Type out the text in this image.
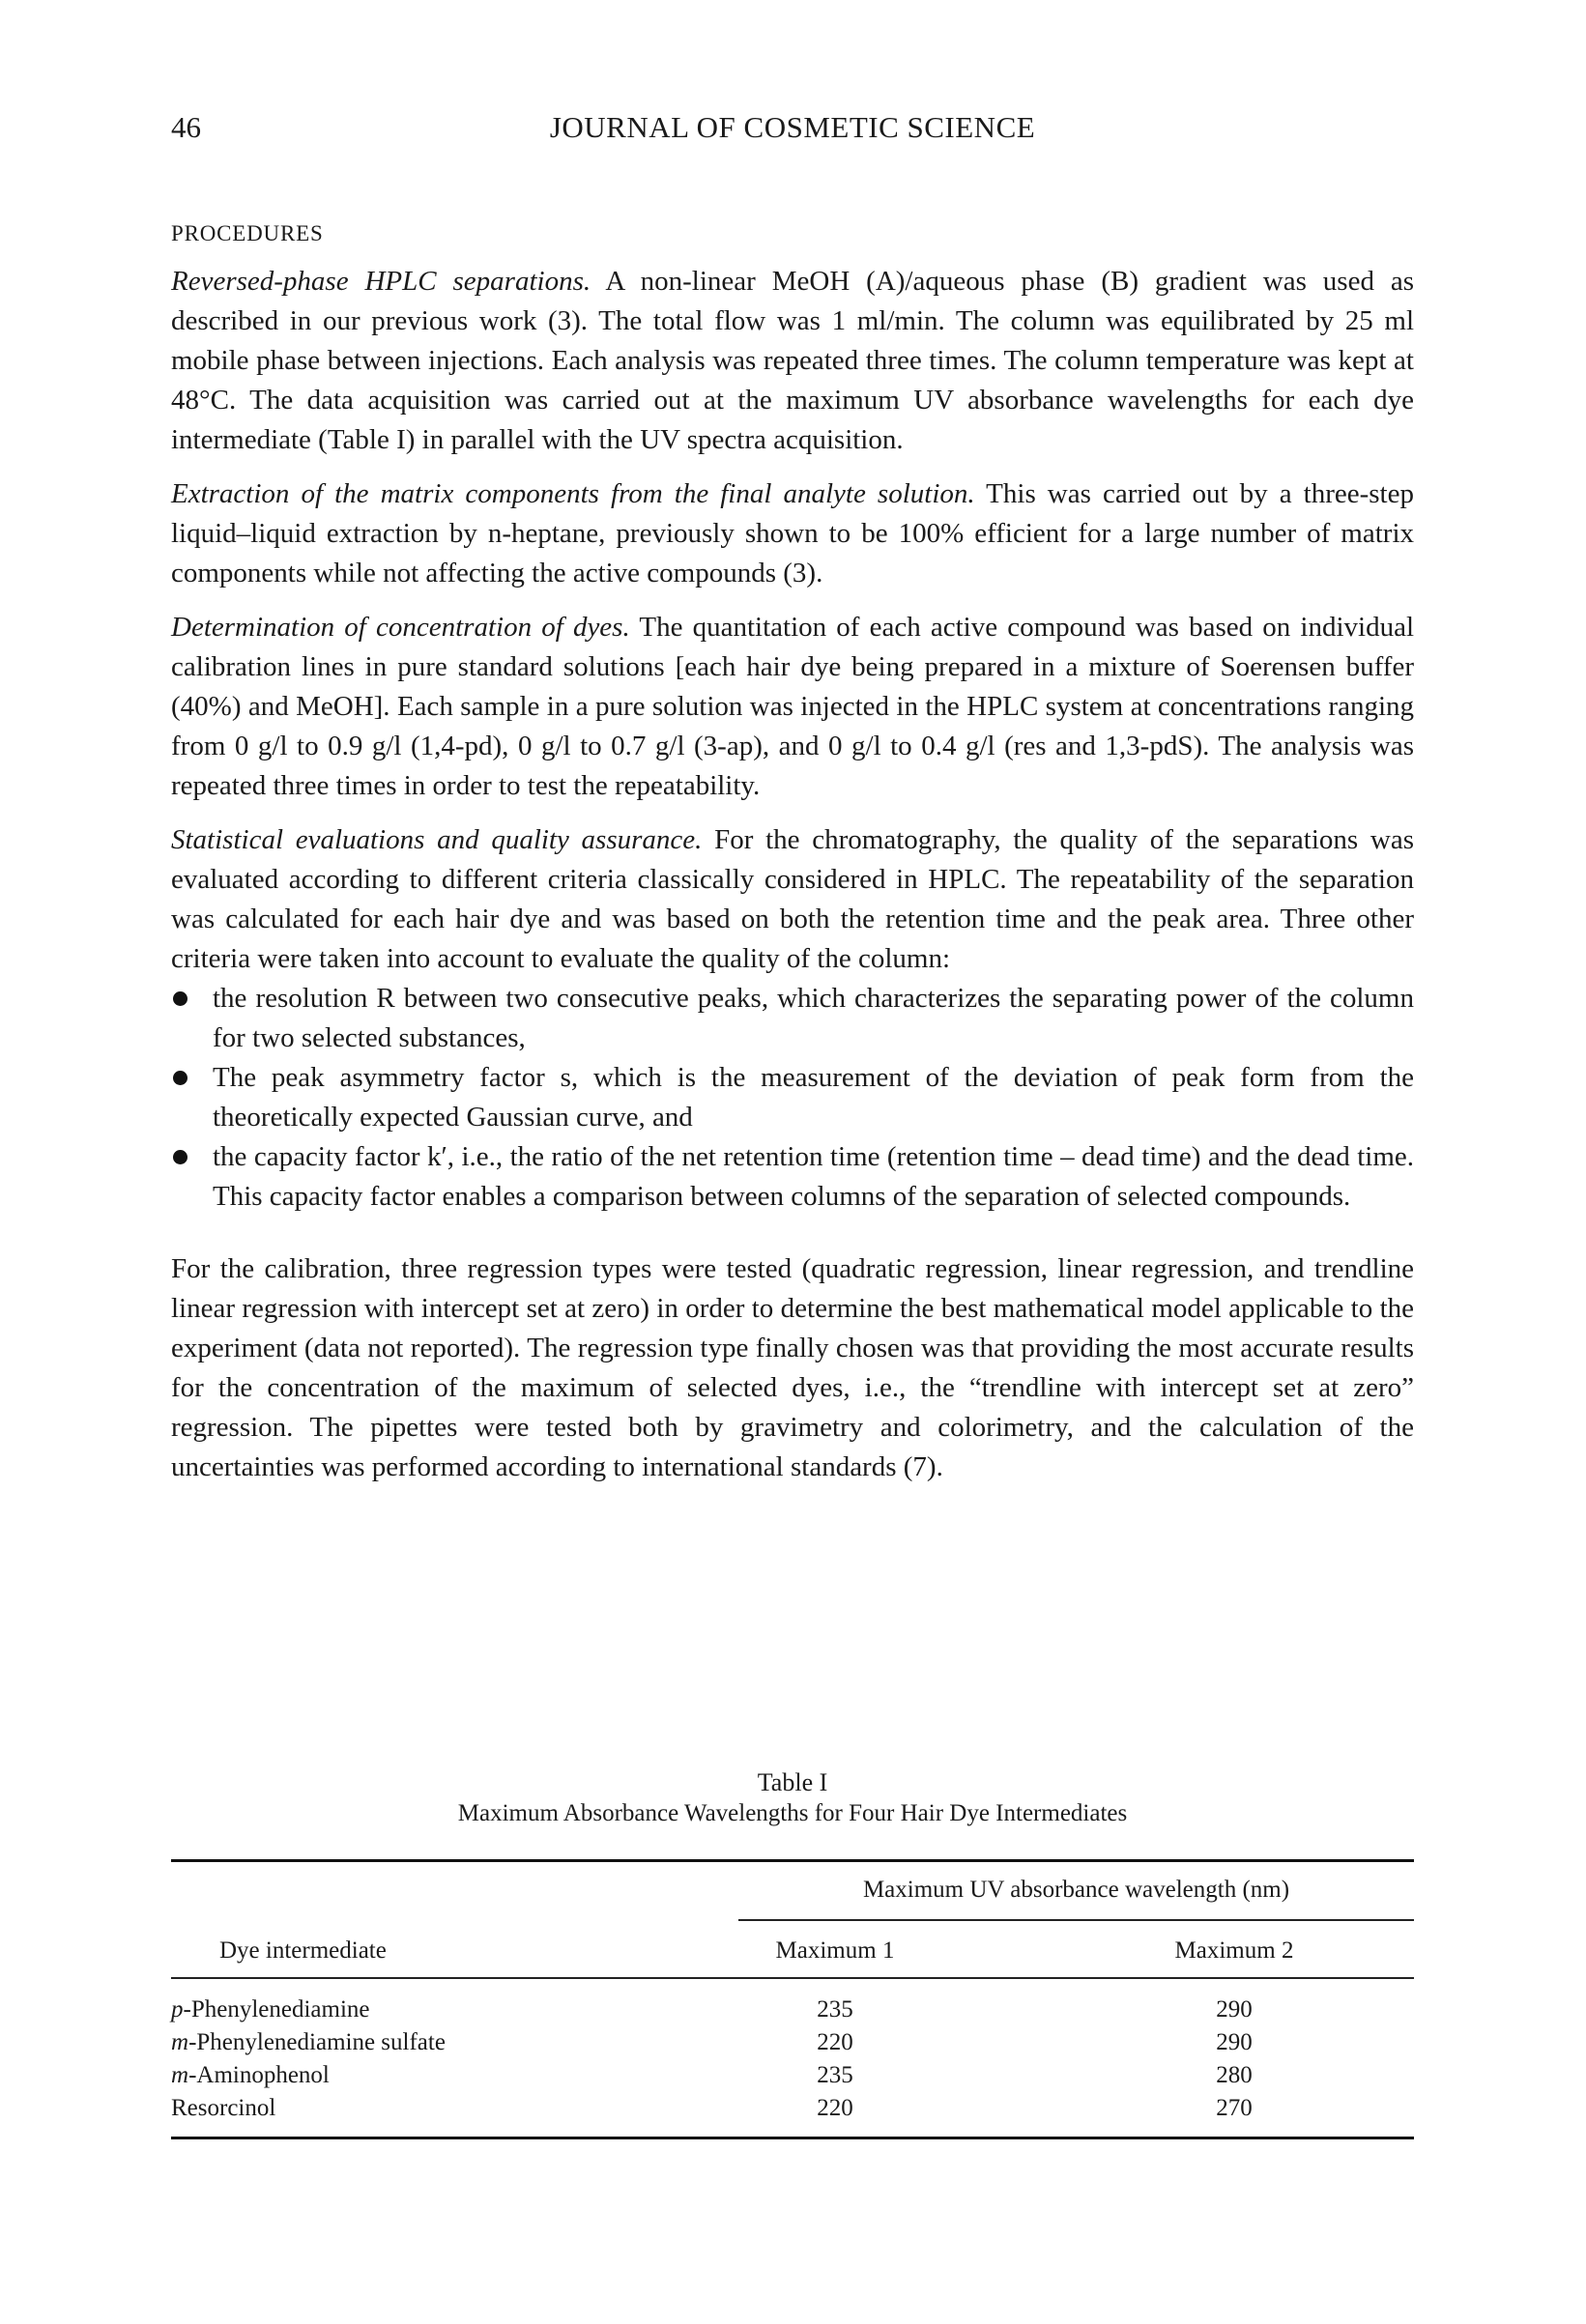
46	JOURNAL OF COSMETIC SCIENCE
PROCEDURES

Reversed-phase HPLC separations. A non-linear MeOH (A)/aqueous phase (B) gradient was used as described in our previous work (3). The total flow was 1 ml/min. The column was equilibrated by 25 ml mobile phase between injections. Each analysis was repeated three times. The column temperature was kept at 48°C. The data acquisition was carried out at the maximum UV absorbance wavelengths for each dye intermediate (Table I) in parallel with the UV spectra acquisition.

Extraction of the matrix components from the final analyte solution. This was carried out by a three-step liquid–liquid extraction by n-heptane, previously shown to be 100% efficient for a large number of matrix components while not affecting the active compounds (3).

Determination of concentration of dyes. The quantitation of each active compound was based on individual calibration lines in pure standard solutions [each hair dye being prepared in a mixture of Soerensen buffer (40%) and MeOH]. Each sample in a pure solution was injected in the HPLC system at concentrations ranging from 0 g/l to 0.9 g/l (1,4-pd), 0 g/l to 0.7 g/l (3-ap), and 0 g/l to 0.4 g/l (res and 1,3-pdS). The analysis was repeated three times in order to test the repeatability.

Statistical evaluations and quality assurance. For the chromatography, the quality of the separations was evaluated according to different criteria classically considered in HPLC. The repeatability of the separation was calculated for each hair dye and was based on both the retention time and the peak area. Three other criteria were taken into account to evaluate the quality of the column:

the resolution R between two consecutive peaks, which characterizes the separating power of the column for two selected substances,
The peak asymmetry factor s, which is the measurement of the deviation of peak form from the theoretically expected Gaussian curve, and
the capacity factor k′, i.e., the ratio of the net retention time (retention time – dead time) and the dead time. This capacity factor enables a comparison between columns of the separation of selected compounds.

For the calibration, three regression types were tested (quadratic regression, linear regression, and trendline linear regression with intercept set at zero) in order to determine the best mathematical model applicable to the experiment (data not reported). The regression type finally chosen was that providing the most accurate results for the concentration of the maximum of selected dyes, i.e., the “trendline with intercept set at zero” regression. The pipettes were tested both by gravimetry and colorimetry, and the calculation of the uncertainties was performed according to international standards (7).

Table I
Maximum Absorbance Wavelengths for Four Hair Dye Intermediates
Maximum UV absorbance wavelength (nm)
Dye intermediate	Maximum 1	Maximum 2
p-Phenylenediamine	235	290
m-Phenylenediamine sulfate	220	290
m-Aminophenol	235	280
Resorcinol	220	270
